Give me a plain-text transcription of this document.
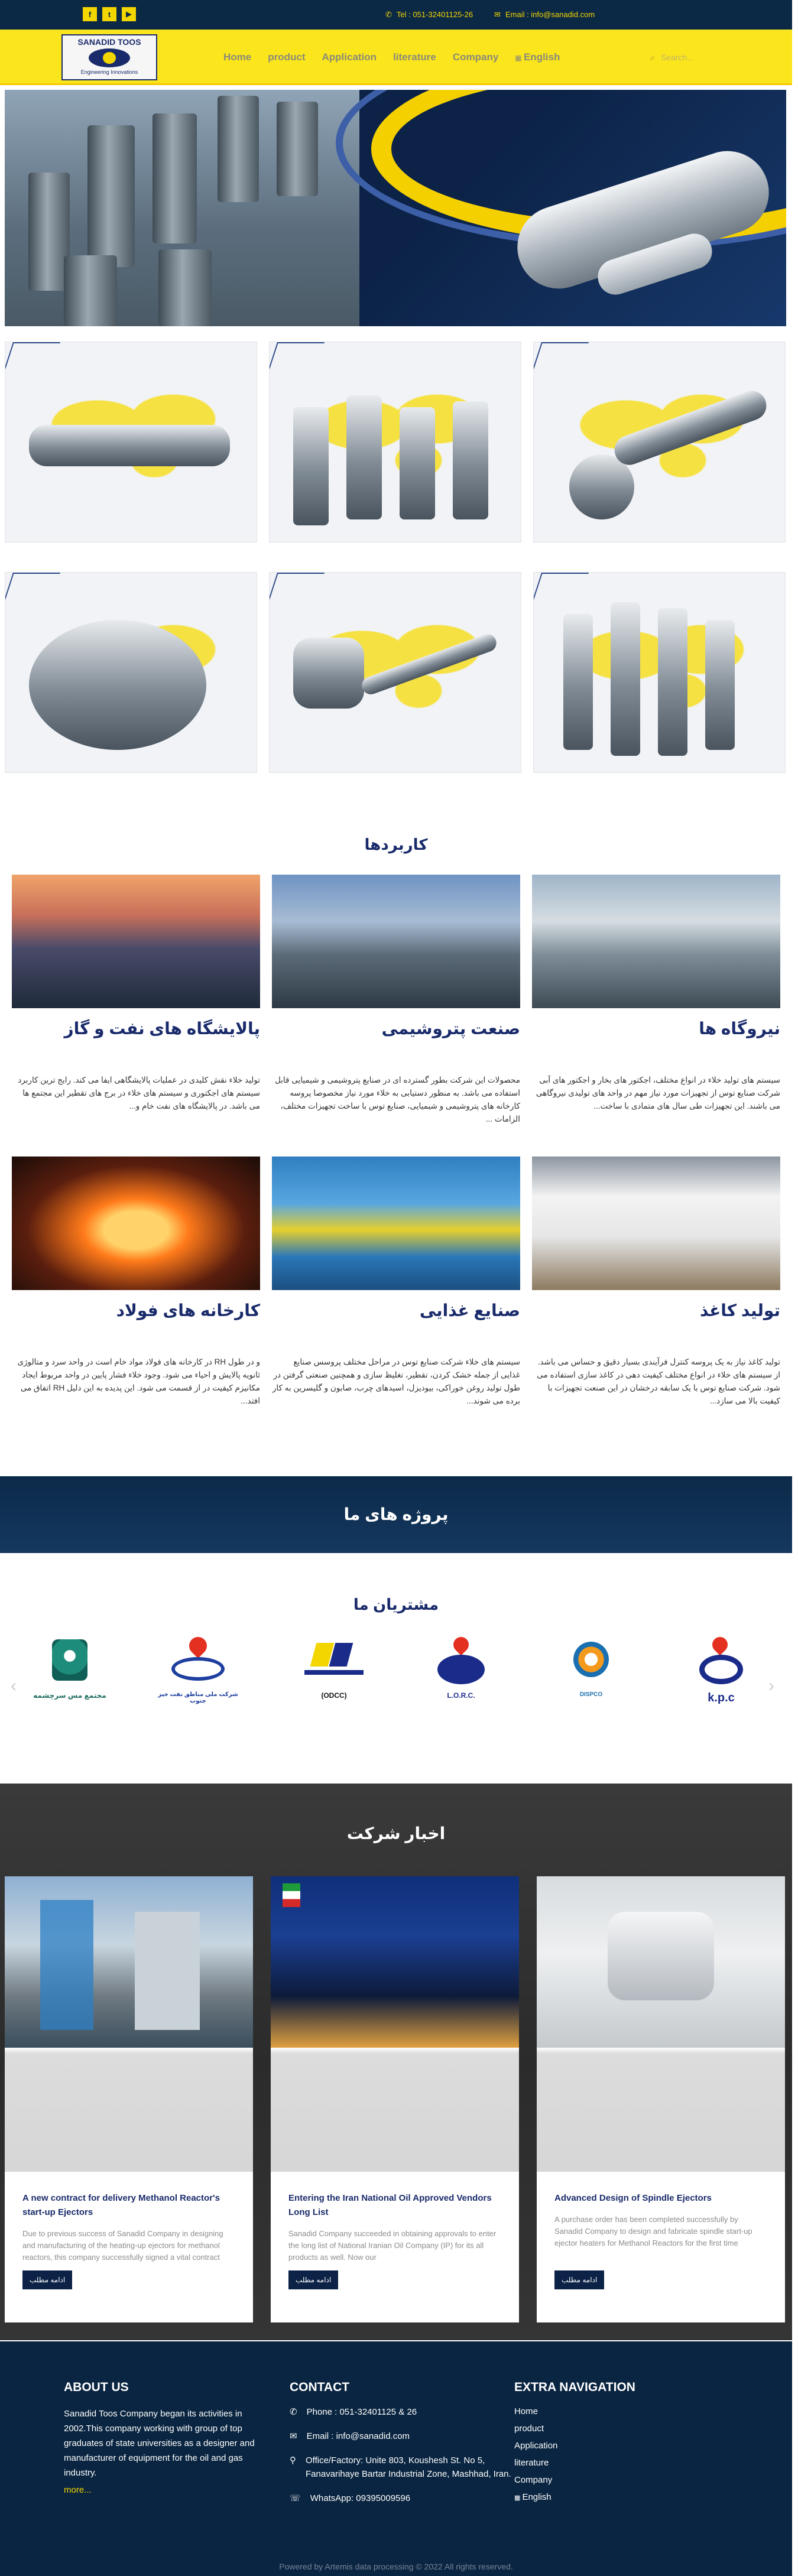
f	t	▶	✆ Tel : 051-32401125-26	✉ Email : info@sanadid.com
SANADID TOOS
Engineering Innovations
Home product Application literature Company ▦ English	⌕ Search...
کاربردها
پالایشگاه های نفت و گاز

تولید خلاء نقش کلیدی در عملیات پالایشگاهی ایفا می کند. رایج ترین کاربرد سیستم های اجکتوری و سیستم های خلاء در برج های تقطیر این مجتمع ها می باشد. در پالایشگاه های نفت خام و...

صنعت پتروشیمی

محصولات این شرکت بطور گسترده ای در صنایع پتروشیمی و شیمیایی قابل استفاده می باشد. به منظور دستیابی به خلاء مورد نیاز مخصوصا پروسه کارخانه های پتروشیمی و شیمیایی، صنایع توس با ساخت تجهیزات مختلف، الزامات ...

نیروگاه ها

سیستم های تولید خلاء در انواع مختلف، اجکتور های بخار و اجکتور های آبی شرکت صنایع توس از تجهیزات مورد نیاز مهم در واحد های تولیدی نیروگاهی می باشند. این تجهیزات طی سال های متمادی با ساخت...

کارخانه های فولاد

و در طول RH در کارخانه های فولاد مواد خام است در واحد سرد و متالوژی ثانویه پالایش و احیاء می شود. وجود خلاء فشار پایین در واحد مربوط ایجاد مکانیزم کیفیت در از قسمت می شود. این پدیده به این دلیل RH اتفاق می افتد...

صنایع غذایی

سیستم های خلاء شرکت صنایع توس در مراحل مختلف پروسس صنایع غذایی از جمله خشک کردن، تقطیر، تغلیظ سازی و همچنین صنعتی گرفتن در طول تولید روغن خوراکی، بیودیزل، اسیدهای چرب، صابون و گلیسرین به کار برده می شوند...

تولید کاغذ

تولید کاغذ نیاز به یک پروسه کنترل فرآیندی بسیار دقیق و حساس می باشد. از سیستم های خلاء در انواع مختلف کیفیت دهی در کاغذ سازی استفاده می شود. شرکت صنایع توس با یک سابقه درخشان در این صنعت تجهیزات با کیفیت بالا می سازد...

پروژه های ما
مشتریان ما
‹	›
مجتمع مس سرچشمه	شرکت ملی مناطق نفت خیز جنوب
(ODCC)	L.O.R.C.	DISPCO	k.p.c
اخبار شرکت
A new contract for delivery Methanol Reactor's start-up Ejectors

Due to previous success of Sanadid Company in designing and manufacturing of the heating-up ejectors for methanol reactors, this company successfully signed a vital contract

ادامه مطلب
Entering the Iran National Oil Approved Vendors Long List

Sanadid Company succeeded in obtaining approvals to enter the long list of National Iranian Oil Company (IP) for its all products as well. Now our

ادامه مطلب
Advanced Design of Spindle Ejectors

A purchase order has been completed successfully by Sanadid Company to design and fabricate spindle start-up ejector heaters for Methanol Reactors for the first time

ادامه مطلب
ABOUT US

Sanadid Toos Company began its activities in 2002.This company working with group of top graduates of state universities as a designer and manufacturer of equipment for the oil and gas industry.

more...

CONTACT
✆ Phone : 051-32401125 & 26
✉ Email : info@sanadid.com
⚲ Office/Factory: Unite 803, Koushesh St. No 5, Fanavarihaye Bartar Industrial Zone, Mashhad, Iran.
☏ WhatsApp: 09395009596
EXTRA NAVIGATION
Home
product
Application
literature
Company
▦ English
Powered by Artemis data processing © 2022 All rights reserved.
